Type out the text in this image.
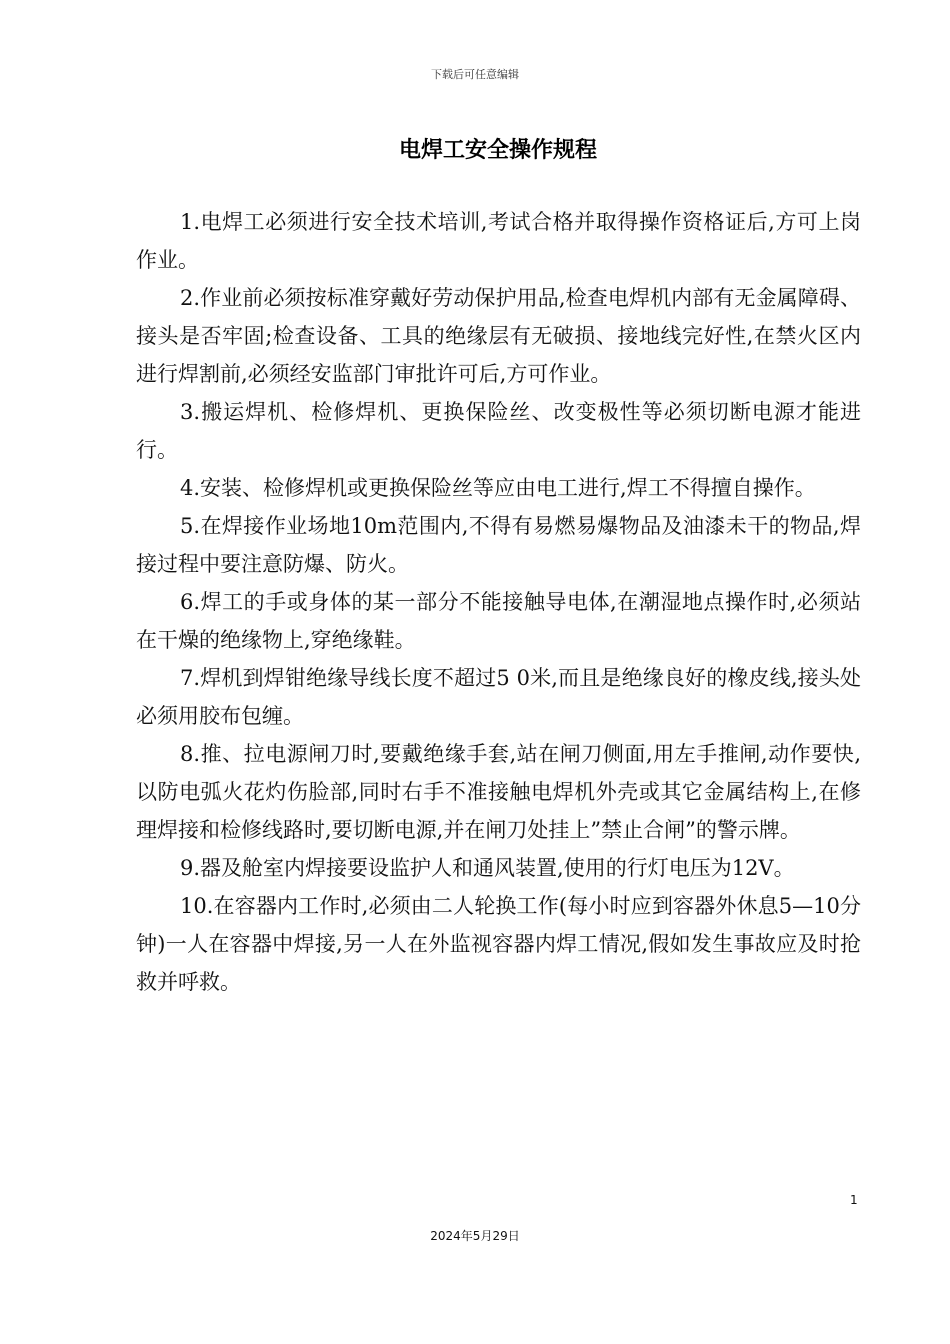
下载后可任意编辑
电焊工安全操作规程

1.电焊工必须进行安全技术培训,考试合格并取得操作资格证后,方可上岗作业。

2.作业前必须按标准穿戴好劳动保护用品,检查电焊机内部有无金属障碍、接头是否牢固;检查设备、工具的绝缘层有无破损、接地线完好性,在禁火区内进行焊割前,必须经安监部门审批许可后,方可作业。

3.搬运焊机、检修焊机、更换保险丝、改变极性等必须切断电源才能进行。

4.安装、检修焊机或更换保险丝等应由电工进行,焊工不得擅自操作。

5.在焊接作业场地10m范围内,不得有易燃易爆物品及油漆未干的物品,焊接过程中要注意防爆、防火。

6.焊工的手或身体的某一部分不能接触导电体,在潮湿地点操作时,必须站在干燥的绝缘物上,穿绝缘鞋。

7.焊机到焊钳绝缘导线长度不超过5 0米,而且是绝缘良好的橡皮线,接头处必须用胶布包缠。

8.推、拉电源闸刀时,要戴绝缘手套,站在闸刀侧面,用左手推闸,动作要快,以防电弧火花灼伤脸部,同时右手不准接触电焊机外壳或其它金属结构上,在修理焊接和检修线路时,要切断电源,并在闸刀处挂上”禁止合闸”的警示牌。

9.器及舱室内焊接要设监护人和通风装置,使用的行灯电压为12V。

10.在容器内工作时,必须由二人轮换工作(每小时应到容器外休息5—10分钟)一人在容器中焊接,另一人在外监视容器内焊工情况,假如发生事故应及时抢救并呼救。

1
2024年5月29日
